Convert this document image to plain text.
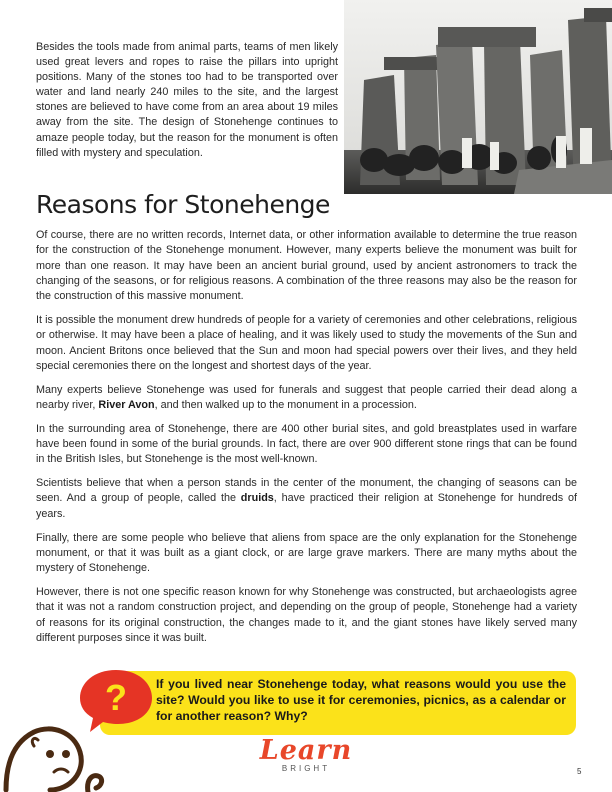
Besides the tools made from animal parts, teams of men likely used great levers and ropes to raise the pillars into upright positions. Many of the stones too had to be transported over water and land nearly 240 miles to the site, and the largest stones are believed to have come from an area about 19 miles away from the site. The design of Stonehenge continues to amaze people today, but the reason for the monument is often filled with mystery and speculation.

Reasons for Stonehenge

Of course, there are no written records, Internet data, or other information available to determine the true reason for the construction of the Stonehenge monument. However, many experts believe the monument was built for more than one reason. It may have been an ancient burial ground, used by ancient astronomers to track the changing of the seasons, or for religious reasons. A combination of the three reasons may also be the reason for the construction of this massive monument.

It is possible the monument drew hundreds of people for a variety of ceremonies and other celebrations, religious or otherwise. It may have been a place of healing, and it was likely used to study the movements of the Sun and moon. Ancient Britons once believed that the Sun and moon had special powers over their lives, and they held special ceremonies there on the longest and shortest days of the year.

Many experts believe Stonehenge was used for funerals and suggest that people carried their dead along a nearby river, River Avon, and then walked up to the monument in a procession.

In the surrounding area of Stonehenge, there are 400 other burial sites, and gold breastplates used in warfare have been found in some of the burial grounds. In fact, there are over 900 different stone rings that can be found in the British Isles, but Stonehenge is the most well-known.

Scientists believe that when a person stands in the center of the monument, the changing of seasons can be seen. And a group of people, called the druids, have practiced their religion at Stonehenge for hundreds of years.

Finally, there are some people who believe that aliens from space are the only explanation for the Stonehenge monument, or that it was built as a giant clock, or are large grave markers. There are many myths about the mystery of Stonehenge.

However, there is not one specific reason known for why Stonehenge was constructed, but archaeologists agree that it was not a random construction project, and depending on the group of people, Stonehenge had a variety of reasons for its original construction, the changes made to it, and the giant stones have likely served many different purposes since it was built.

If you lived near Stonehenge today, what reasons would you use the site? Would you like to use it for ceremonies, picnics, as a calendar or for another reason? Why?

?
Learn
BRIGHT	5
